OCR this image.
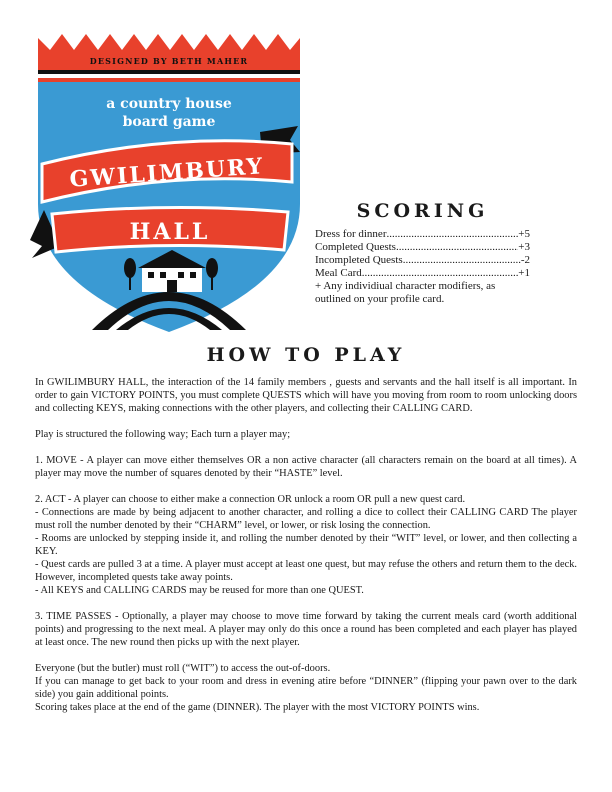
DESIGNED BY BETH MAHER
a country house
board game
GWILIMBURY
HALL
SCORING
Dress for dinner .....	+5
Completed Quests .....	+3
Incompleted Quests .....	-2
Meal Card .....	+1
+ Any individiual character modifiers, as outlined on your profile card.
HOW TO PLAY

In GWILIMBURY HALL, the interaction of the 14 family members , guests and servants and the hall itself is all important. In order to gain VICTORY POINTS, you must complete QUESTS which will have you moving from room to room unlocking doors and collecting KEYS, making connections with the other players, and collecting their CALLING CARD.

Play is structured the following way; Each turn a player may;

1. MOVE - A player can move either themselves OR a non active character (all characters remain on the board at all times). A player may move the number of squares denoted by their “HASTE” level.

2. ACT - A player can choose to either make a connection OR unlock a room OR pull a new quest card.

- Connections are made by being adjacent to another character, and rolling a dice to collect their CALLING CARD The player must roll the number denoted by their “CHARM” level, or lower, or risk losing the connection.

- Rooms are unlocked by stepping inside it, and rolling the number denoted by their “WIT” level, or lower, and then collecting a KEY.

- Quest cards are pulled 3 at a time. A player must accept at least one quest, but may refuse the others and return them to the deck. However, incompleted quests take away points.

- All KEYS and CALLING CARDS may be reused for more than one QUEST.

3. TIME PASSES - Optionally, a player may choose to move time forward by taking the current meals card (worth additional points) and progressing to the next meal. A player may only do this once a round has been completed and each player has played at least once. The new round then picks up with the next player.

Everyone (but the butler) must roll (“WIT”) to access the out-of-doors.

If you can manage to get back to your room and dress in evening atire before “DINNER” (flipping your pawn over to the dark side) you gain additional points.

Scoring takes place at the end of the game (DINNER). The player with the most VICTORY POINTS wins.
